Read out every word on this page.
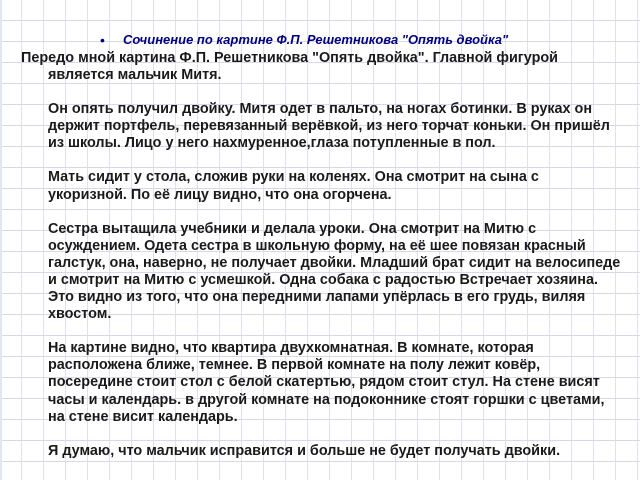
• Сочинение по картине Ф.П. Решетникова "Опять двойка"

Передо мной картина Ф.П. Решетникова "Опять двойка". Главной фигурой является мальчик Митя.

Он опять получил двойку. Митя одет в пальто, на ногах ботинки. В руках он держит портфель, перевязанный верёвкой, из него торчат коньки. Он пришёл из школы. Лицо у него нахмуренное,глаза потупленные в пол.

Мать сидит у стола, сложив руки на коленях. Она смотрит на сына с укоризной. По её лицу видно, что она огорчена.

Сестра вытащила учебники и делала уроки. Она смотрит на Митю с осуждением. Одета сестра в школьную форму, на её шее повязан красный галстук, она, наверно, не получает двойки. Младший брат сидит на велосипеде и смотрит на Митю с усмешкой. Одна собака с радостью Встречает хозяина. Это видно из того, что она передними лапами упёрлась в его грудь, виляя хвостом.

На картине видно, что квартира двухкомнатная. В комнате, которая расположена ближе, темнее. В первой комнате на полу лежит ковёр, посередине стоит стол с белой скатертью, рядом стоит стул. На стене висят часы и календарь. в другой комнате на подоконнике стоят горшки с цветами, на стене висит календарь.

Я думаю, что мальчик исправится и больше не будет получать двойки.
